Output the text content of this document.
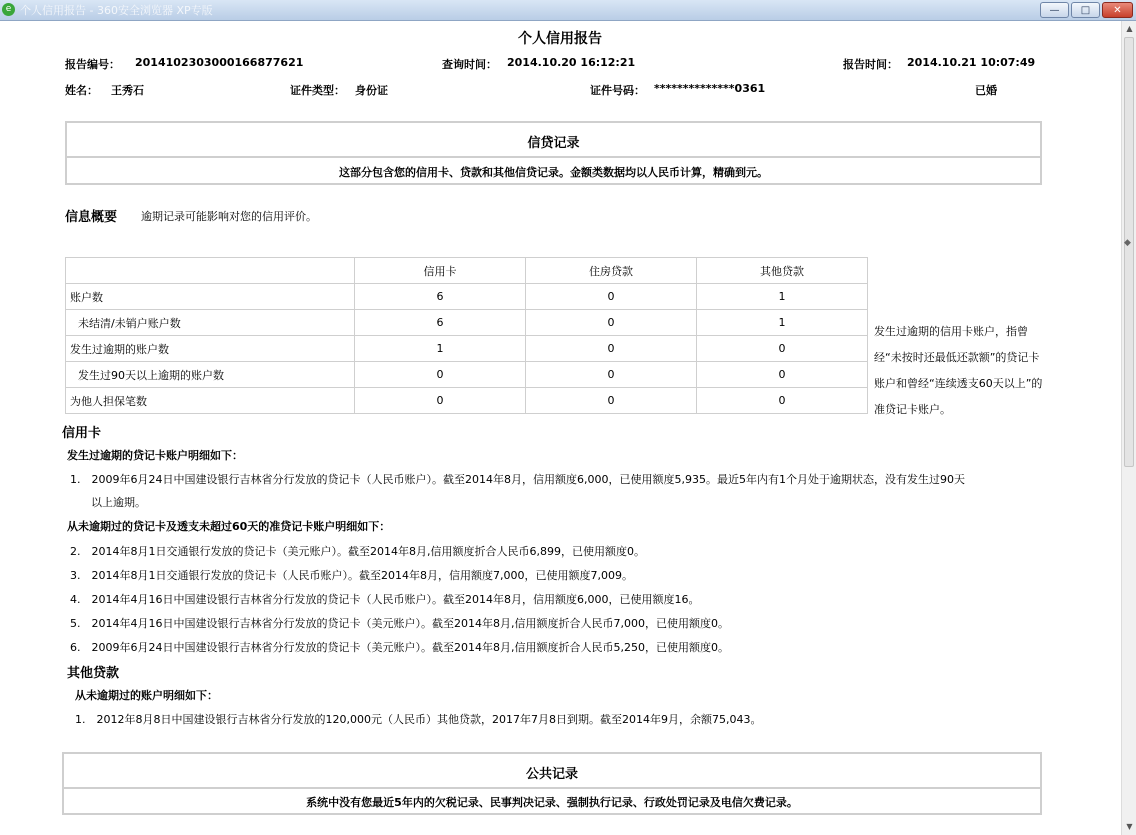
e 个人信用报告 - 360安全浏览器 XP专版	—	□	✕
▲
▼
◆
个人信用报告
报告编号： 2014102303000166877621	查询时间： 2014.10.20 16:12:21	报告时间： 2014.10.21 10:07:49
姓名： 王秀石	证件类型： 身份证	证件号码： **************0361	已婚
信贷记录
这部分包含您的信用卡、贷款和其他信贷记录。金额类数据均以人民币计算，精确到元。
信息概要 逾期记录可能影响对您的信用评价。
	信用卡	住房贷款	其他贷款
账户数	6	0	1
未结清/未销户账户数	6	0	1
发生过逾期的账户数	1	0	0
发生过90天以上逾期的账户数	0	0	0
为他人担保笔数	0	0	0
发生过逾期的信用卡账户，指曾经“未按时还最低还款额”的贷记卡账户和曾经“连续透支60天以上”的准贷记卡账户。
信用卡
发生过逾期的贷记卡账户明细如下：
1. 2009年6月24日中国建设银行吉林省分行发放的贷记卡（人民币账户）。截至2014年8月，信用额度6,000，已使用额度5,935。最近5年内有1个月处于逾期状态，没有发生过90天
以上逾期。
从未逾期过的贷记卡及透支未超过60天的准贷记卡账户明细如下：
2. 2014年8月1日交通银行发放的贷记卡（美元账户）。截至2014年8月,信用额度折合人民币6,899，已使用额度0。
3. 2014年8月1日交通银行发放的贷记卡（人民币账户）。截至2014年8月，信用额度7,000，已使用额度7,009。
4. 2014年4月16日中国建设银行吉林省分行发放的贷记卡（人民币账户）。截至2014年8月，信用额度6,000，已使用额度16。
5. 2014年4月16日中国建设银行吉林省分行发放的贷记卡（美元账户）。截至2014年8月,信用额度折合人民币7,000，已使用额度0。
6. 2009年6月24日中国建设银行吉林省分行发放的贷记卡（美元账户）。截至2014年8月,信用额度折合人民币5,250，已使用额度0。
其他贷款
从未逾期过的账户明细如下：
1. 2012年8月8日中国建设银行吉林省分行发放的120,000元（人民币）其他贷款，2017年7月8日到期。截至2014年9月，余额75,043。
公共记录
系统中没有您最近5年内的欠税记录、民事判决记录、强制执行记录、行政处罚记录及电信欠费记录。
